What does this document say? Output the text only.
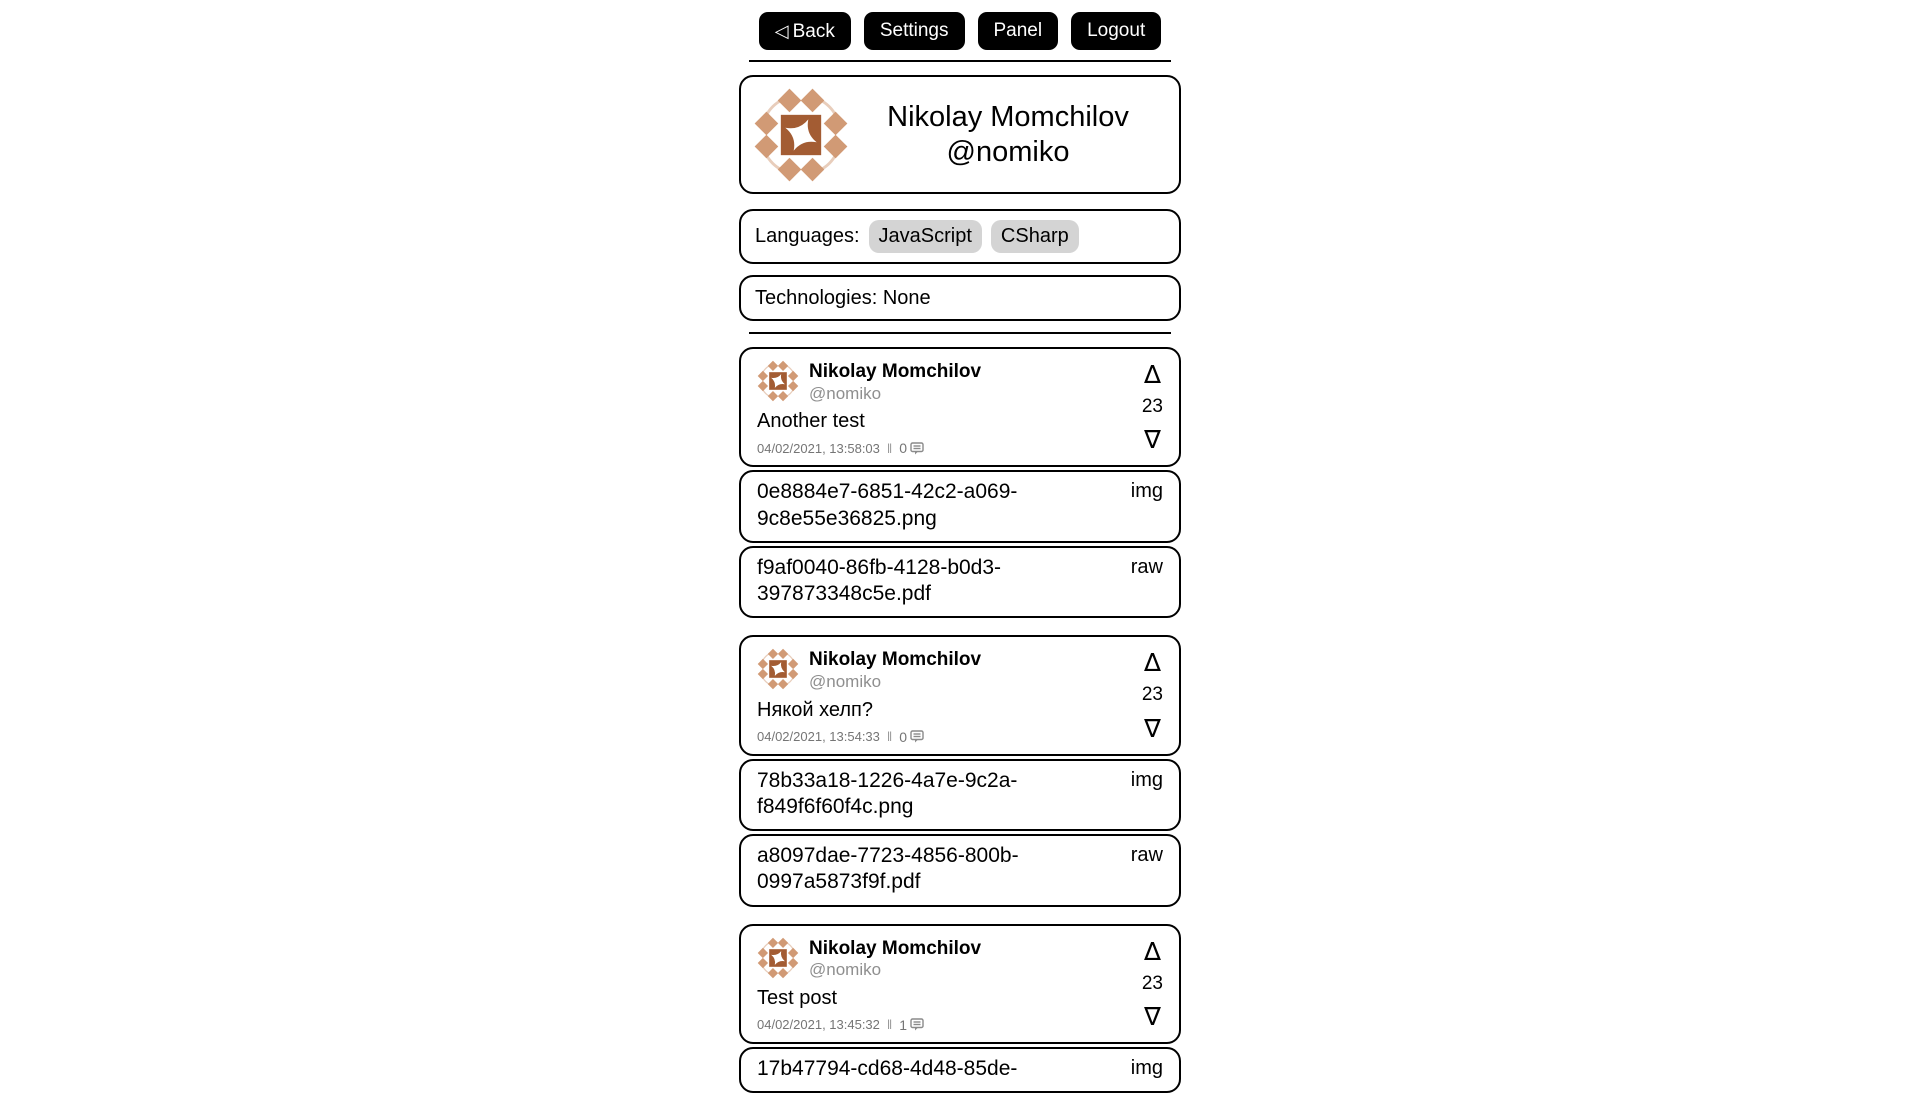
◁ Back	Settings	Panel	Logout
Nikolay Momchilov
@nomiko
Languages: JavaScript	CSharp
Technologies: None
Nikolay Momchilov
@nomiko
Another test
04/02/2021, 13:58:03 ‖ 0
∆
23
∇
0e8884e7-6851-42c2-a069-9c8e55e36825.png
img
f9af0040-86fb-4128-b0d3-397873348c5e.pdf
raw
Nikolay Momchilov
@nomiko
Някой хелп?
04/02/2021, 13:54:33 ‖ 0
∆
23
∇
78b33a18-1226-4a7e-9c2a-f849f6f60f4c.png
img
a8097dae-7723-4856-800b-0997a5873f9f.pdf
raw
Nikolay Momchilov
@nomiko
Test post
04/02/2021, 13:45:32 ‖ 1
∆
23
∇
17b47794-cd68-4d48-85de-	img
